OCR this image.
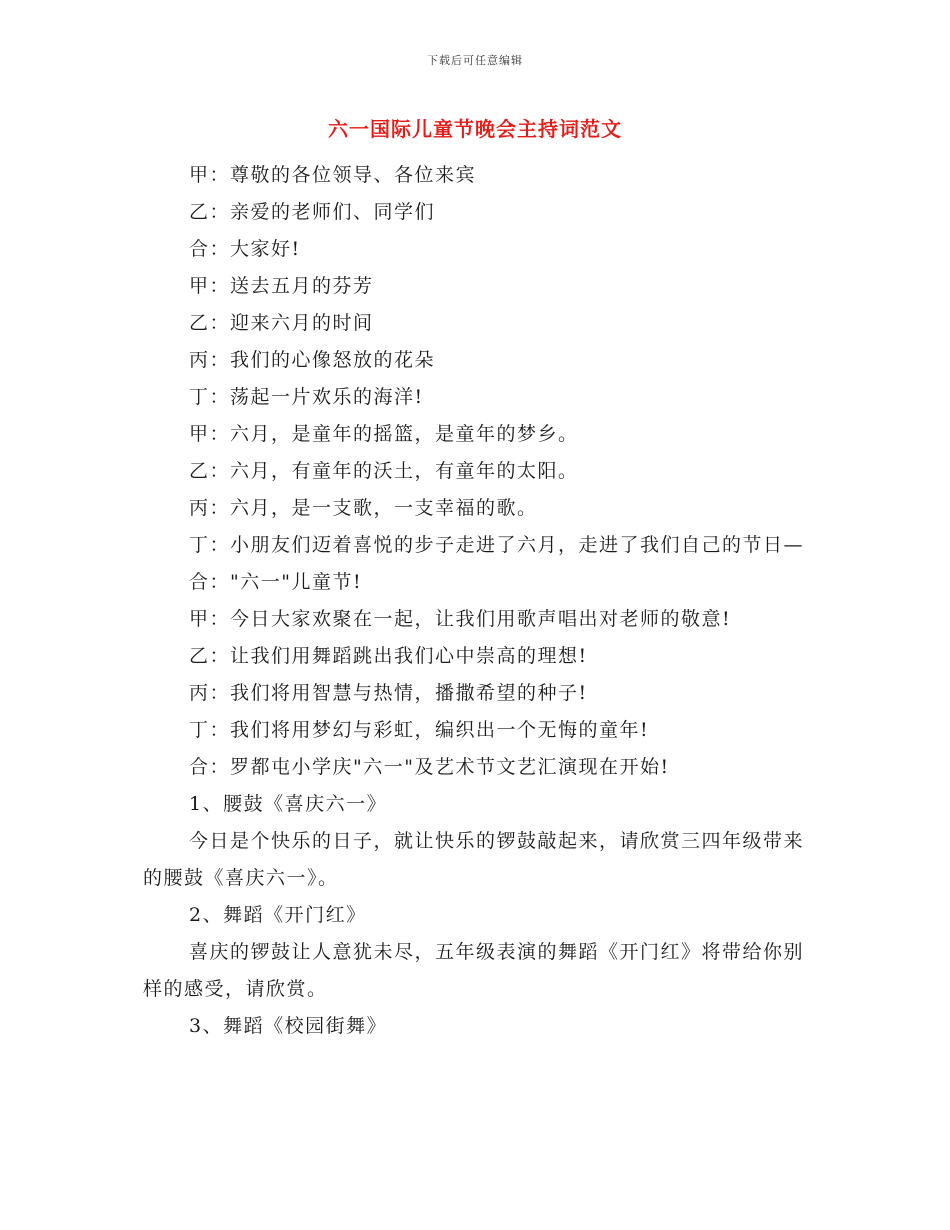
下载后可任意编辑
六一国际儿童节晚会主持词范文

甲：尊敬的各位领导、各位来宾

乙：亲爱的老师们、同学们

合：大家好!

甲：送去五月的芬芳

乙：迎来六月的时间

丙：我们的心像怒放的花朵

丁：荡起一片欢乐的海洋!

甲：六月，是童年的摇篮，是童年的梦乡。

乙：六月，有童年的沃土，有童年的太阳。

丙：六月，是一支歌，一支幸福的歌。

丁：小朋友们迈着喜悦的步子走进了六月，走进了我们自己的节日—

合："六一"儿童节!

甲：今日大家欢聚在一起，让我们用歌声唱出对老师的敬意!

乙：让我们用舞蹈跳出我们心中崇高的理想!

丙：我们将用智慧与热情，播撒希望的种子!

丁：我们将用梦幻与彩虹，编织出一个无悔的童年!

合：罗都屯小学庆"六一"及艺术节文艺汇演现在开始!

1、腰鼓《喜庆六一》

今日是个快乐的日子，就让快乐的锣鼓敲起来，请欣赏三四年级带来的腰鼓《喜庆六一》。

2、舞蹈《开门红》

喜庆的锣鼓让人意犹未尽，五年级表演的舞蹈《开门红》将带给你别样的感受，请欣赏。

3、舞蹈《校园街舞》
